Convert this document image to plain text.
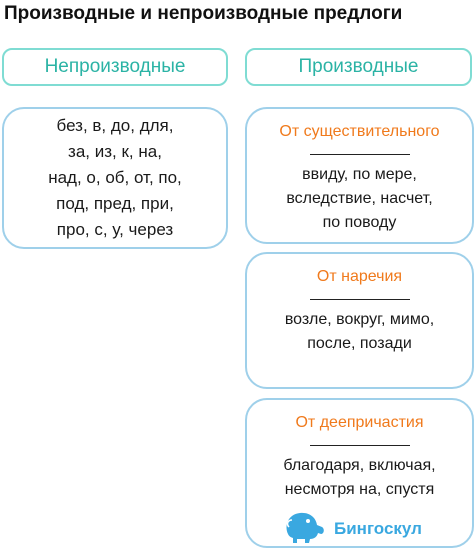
Производные и непроизводные предлоги
Непроизводные	Производные
без, в, до, для,
за, из, к, на,
над, о, об, от, по,
под, пред, при,
про, с, у, через
От существительного
ввиду, по мере,
вследствие, насчет,
по поводу
От наречия
возле, вокруг, мимо,
после, позади
От деепричастия
благодаря, включая,
несмотря на, спустя
Бингоскул
